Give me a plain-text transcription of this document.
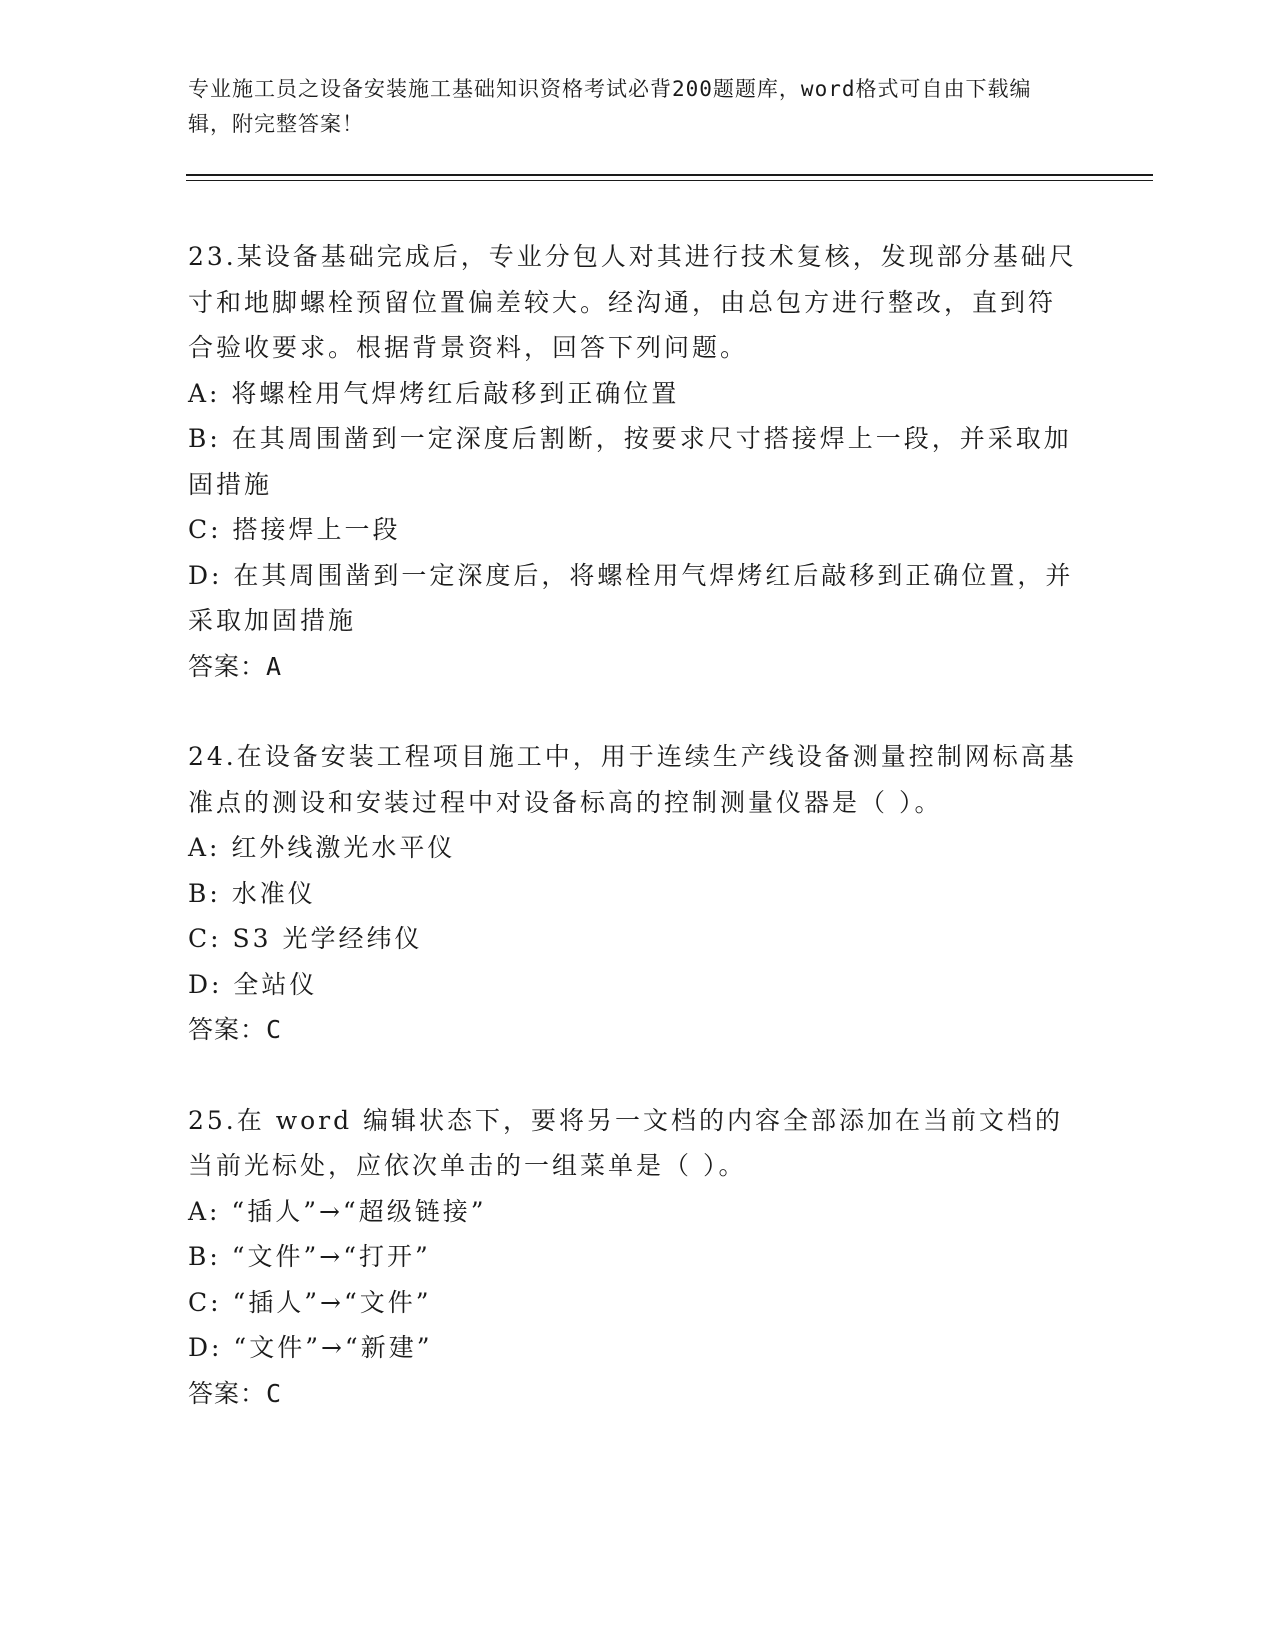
专业施工员之设备安装施工基础知识资格考试必背200题题库，word格式可自由下载编辑，附完整答案！
23.某设备基础完成后，专业分包人对其进行技术复核，发现部分基础尺寸和地脚螺栓预留位置偏差较大。经沟通，由总包方进行整改，直到符合验收要求。根据背景资料，回答下列问题。
A: 将螺栓用气焊烤红后敲移到正确位置
B: 在其周围凿到一定深度后割断，按要求尺寸搭接焊上一段，并采取加固措施
C: 搭接焊上一段
D: 在其周围凿到一定深度后，将螺栓用气焊烤红后敲移到正确位置，并采取加固措施
答案：A
24.在设备安装工程项目施工中，用于连续生产线设备测量控制网标高基准点的测设和安装过程中对设备标高的控制测量仪器是（ ）。
A: 红外线激光水平仪
B: 水准仪
C: S3 光学经纬仪
D: 全站仪
答案：C
25.在 word 编辑状态下，要将另一文档的内容全部添加在当前文档的当前光标处，应依次单击的一组菜单是（ ）。
A: “插人”→“超级链接”
B: “文件”→“打开”
C: “插人”→“文件”
D: “文件”→“新建”
答案：C
